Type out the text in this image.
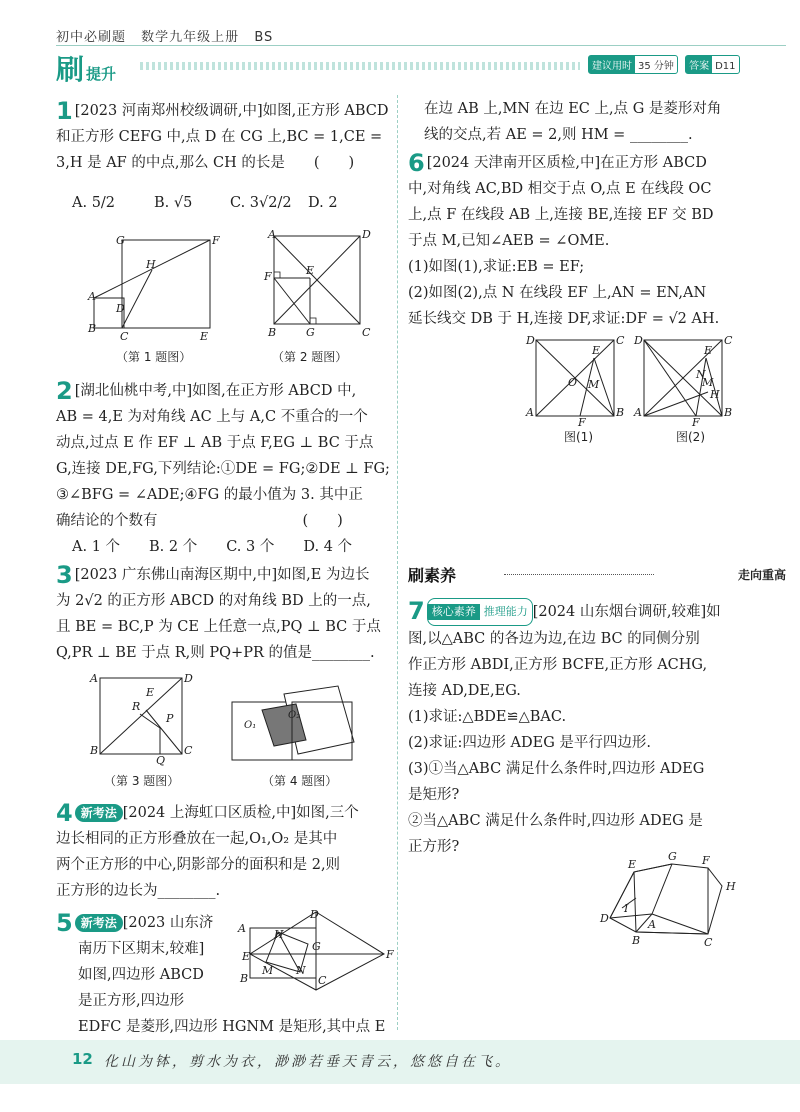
初中必刷题 数学九年级上册 BS
刷提升	建议用时 35 分钟 答案 D11
1 [2023 河南郑州校级调研,中]如图,正方形 ABCD
和正方形 CEFG 中,点 D 在 CG 上,BC = 1,CE =
3,H 是 AF 的中点,那么 CH 的长是　　(　　)
A. 5/2	B. √5	C. 3√2/2 D. 2
G	F
H
A
D
B
C	E
（第 1 题图）
A	D
E
F
B	G	C
（第 2 题图）
2 [湖北仙桃中考,中]如图,在正方形 ABCD 中,
AB = 4,E 为对角线 AC 上与 A,C 不重合的一个
动点,过点 E 作 EF ⊥ AB 于点 F,EG ⊥ BC 于点
G,连接 DE,FG,下列结论:①DE = FG;②DE ⊥ FG;
③∠BFG = ∠ADE;④FG 的最小值为 3. 其中正
确结论的个数有　　　　　　　　　　(　　)
A. 1 个　　B. 2 个　　C. 3 个　　D. 4 个
3 [2023 广东佛山南海区期中,中]如图,E 为边长
为 2√2 的正方形 ABCD 的对角线 BD 上的一点,
且 BE = BC,P 为 CE 上任意一点,PQ ⊥ BC 于点
Q,PR ⊥ BE 于点 R,则 PQ+PR 的值是________.
A	D
E
R
P
B
Q
C
（第 3 题图）
O₁
O₂
（第 4 题图）
4 新考法 [2024 上海虹口区质检,中]如图,三个
边长相同的正方形叠放在一起,O₁,O₂ 是其中
两个正方形的中心,阴影部分的面积和是 2,则
正方形的边长为________.
5 新考法 [2023 山东济
南历下区期末,较难]
如图,四边形 ABCD
是正方形,四边形
EDFC 是菱形,四边形 HGNM 是矩形,其中点 E
A
D
H
G
F
E
M N
C
B
在边 AB 上,MN 在边 EC 上,点 G 是菱形对角
线的交点,若 AE = 2,则 HM = ________.
6 [2024 天津南开区质检,中]在正方形 ABCD
中,对角线 AC,BD 相交于点 O,点 E 在线段 OC
上,点 F 在线段 AB 上,连接 BE,连接 EF 交 BD
于点 M,已知∠AEB = ∠OME.
(1)如图(1),求证:EB = EF;
(2)如图(2),点 N 在线段 EF 上,AN = EN,AN
延长线交 DB 于 H,连接 DF,求证:DF = √2 AH.
D	C
E
O M
A
F
B
图(1)
D	C
E
N
M
H
A
F
B
图(2)
刷素养	走向重高
7 核心素养 推理能力 [2024 山东烟台调研,较难]如
图,以△ABC 的各边为边,在边 BC 的同侧分别
作正方形 ABDI,正方形 BCFE,正方形 ACHG,
连接 AD,DE,EG.
(1)求证:△BDE≌△BAC.
(2)求证:四边形 ADEG 是平行四边形.
(3)①当△ABC 满足什么条件时,四边形 ADEG
是矩形?
②当△ABC 满足什么条件时,四边形 ADEG 是
正方形?
E
G F
H
I
D	A
B	C
12 化山为钵，剪水为衣，渺渺若垂天青云，悠悠自在飞。
